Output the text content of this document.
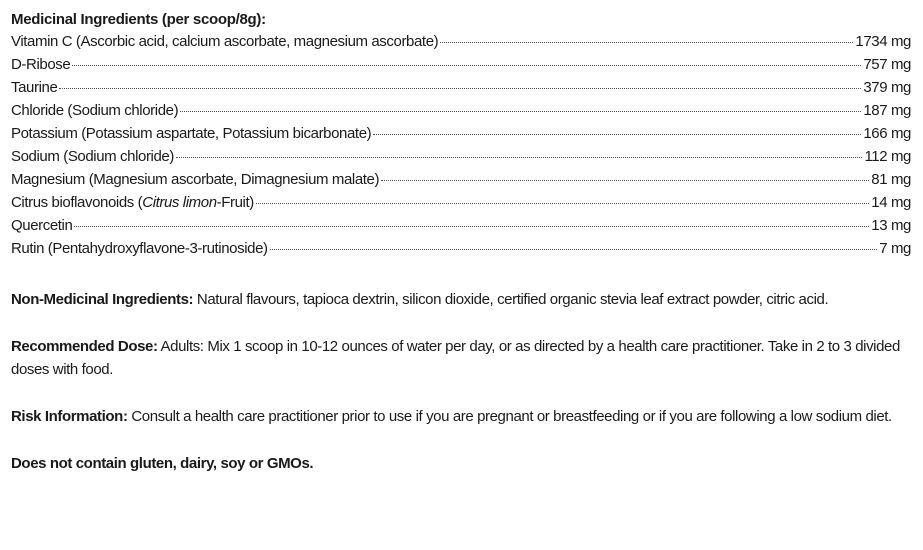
Medicinal Ingredients (per scoop/8g):
Vitamin C (Ascorbic acid, calcium ascorbate, magnesium ascorbate)	1734 mg
D-Ribose	757 mg
Taurine	379 mg
Chloride (Sodium chloride)	187 mg
Potassium (Potassium aspartate, Potassium bicarbonate)	166 mg
Sodium (Sodium chloride)	112 mg
Magnesium (Magnesium ascorbate, Dimagnesium malate)	81 mg
Citrus bioflavonoids (Citrus limon-Fruit)	14 mg
Quercetin	13 mg
Rutin (Pentahydroxyflavone-3-rutinoside)	7 mg

Non-Medicinal Ingredients: Natural flavours, tapioca dextrin, silicon dioxide, certified organic stevia leaf extract powder, citric acid.

Recommended Dose: Adults: Mix 1 scoop in 10-12 ounces of water per day, or as directed by a health care practitioner. Take in 2 to 3 divided doses with food.

Risk Information: Consult a health care practitioner prior to use if you are pregnant or breastfeeding or if you are following a low sodium diet.

Does not contain gluten, dairy, soy or GMOs.
